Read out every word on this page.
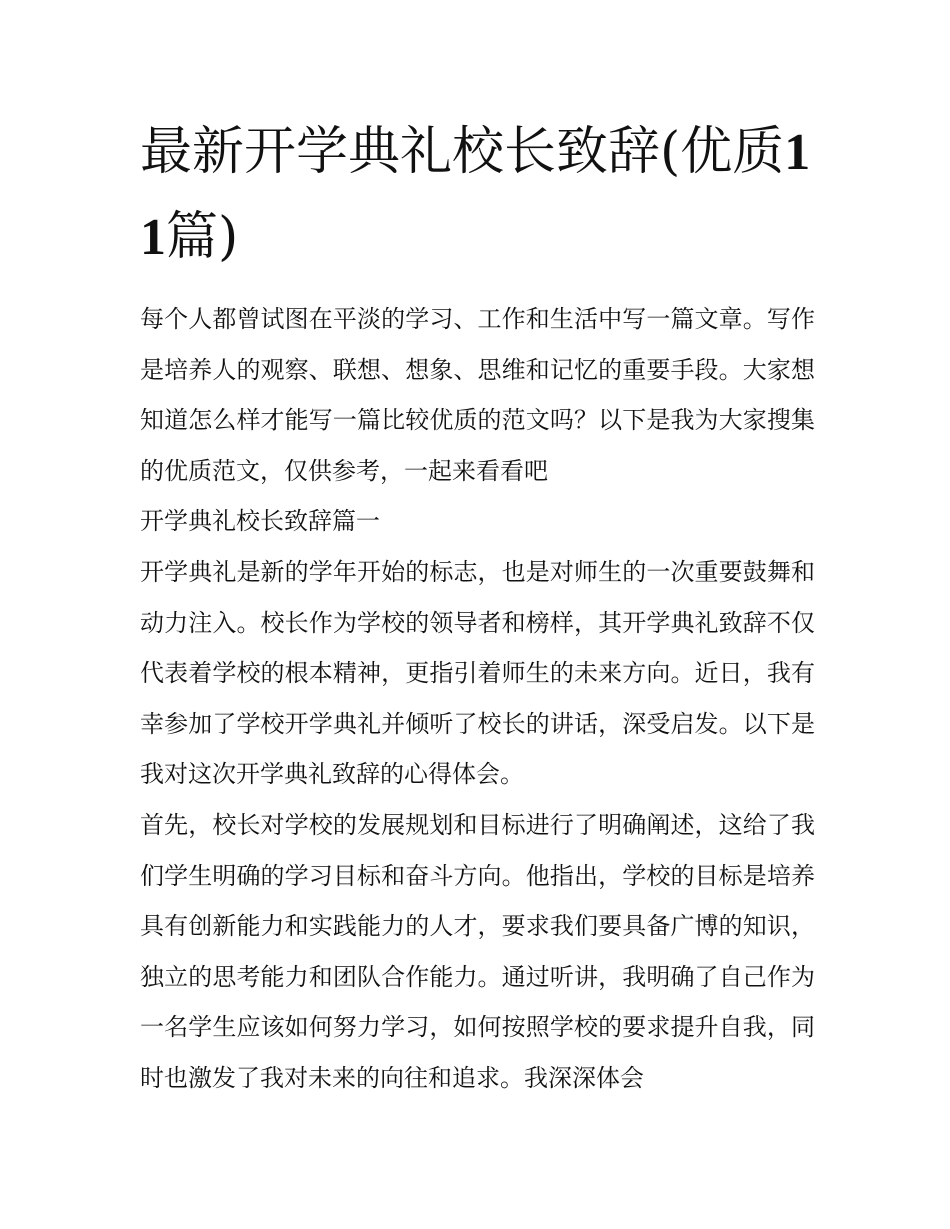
最新开学典礼校长致辞(优质11篇)

每个人都曾试图在平淡的学习、工作和生活中写一篇文章。写作是培养人的观察、联想、想象、思维和记忆的重要手段。大家想知道怎么样才能写一篇比较优质的范文吗？以下是我为大家搜集的优质范文，仅供参考，一起来看看吧

开学典礼校长致辞篇一

开学典礼是新的学年开始的标志，也是对师生的一次重要鼓舞和动力注入。校长作为学校的领导者和榜样，其开学典礼致辞不仅代表着学校的根本精神，更指引着师生的未来方向。近日，我有幸参加了学校开学典礼并倾听了校长的讲话，深受启发。以下是我对这次开学典礼致辞的心得体会。

首先，校长对学校的发展规划和目标进行了明确阐述，这给了我们学生明确的学习目标和奋斗方向。他指出，学校的目标是培养具有创新能力和实践能力的人才，要求我们要具备广博的知识，独立的思考能力和团队合作能力。通过听讲，我明确了自己作为一名学生应该如何努力学习，如何按照学校的要求提升自我，同时也激发了我对未来的向往和追求。我深深体会
